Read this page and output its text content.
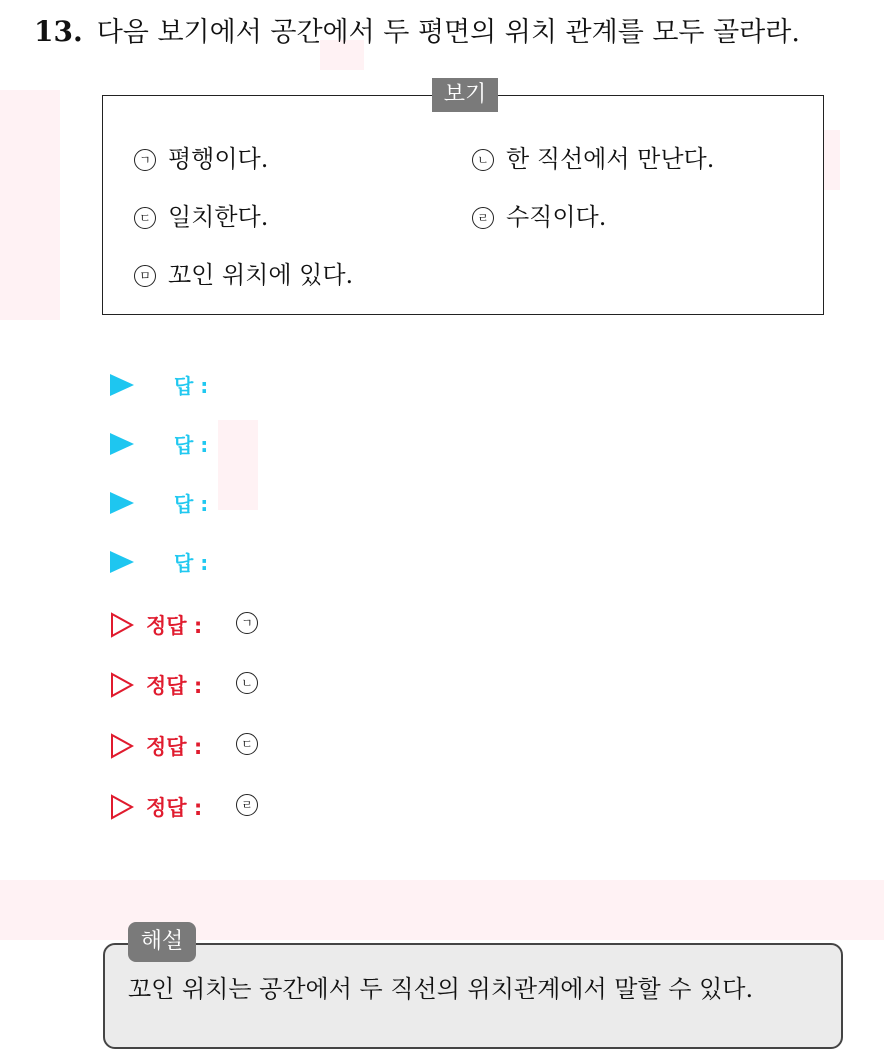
13. 다음 보기에서 공간에서 두 평면의 위치 관계를 모두 골라라.
보기
ㄱ 평행이다.	ㄴ 한 직선에서 만난다.
ㄷ 일치한다.	ㄹ 수직이다.
ㅁ 꼬인 위치에 있다.
답 :
답 :
답 :
답 :
정답 :	ㄱ
정답 :	ㄴ
정답 :	ㄷ
정답 :	ㄹ
해설
꼬인 위치는 공간에서 두 직선의 위치관계에서 말할 수 있다.
